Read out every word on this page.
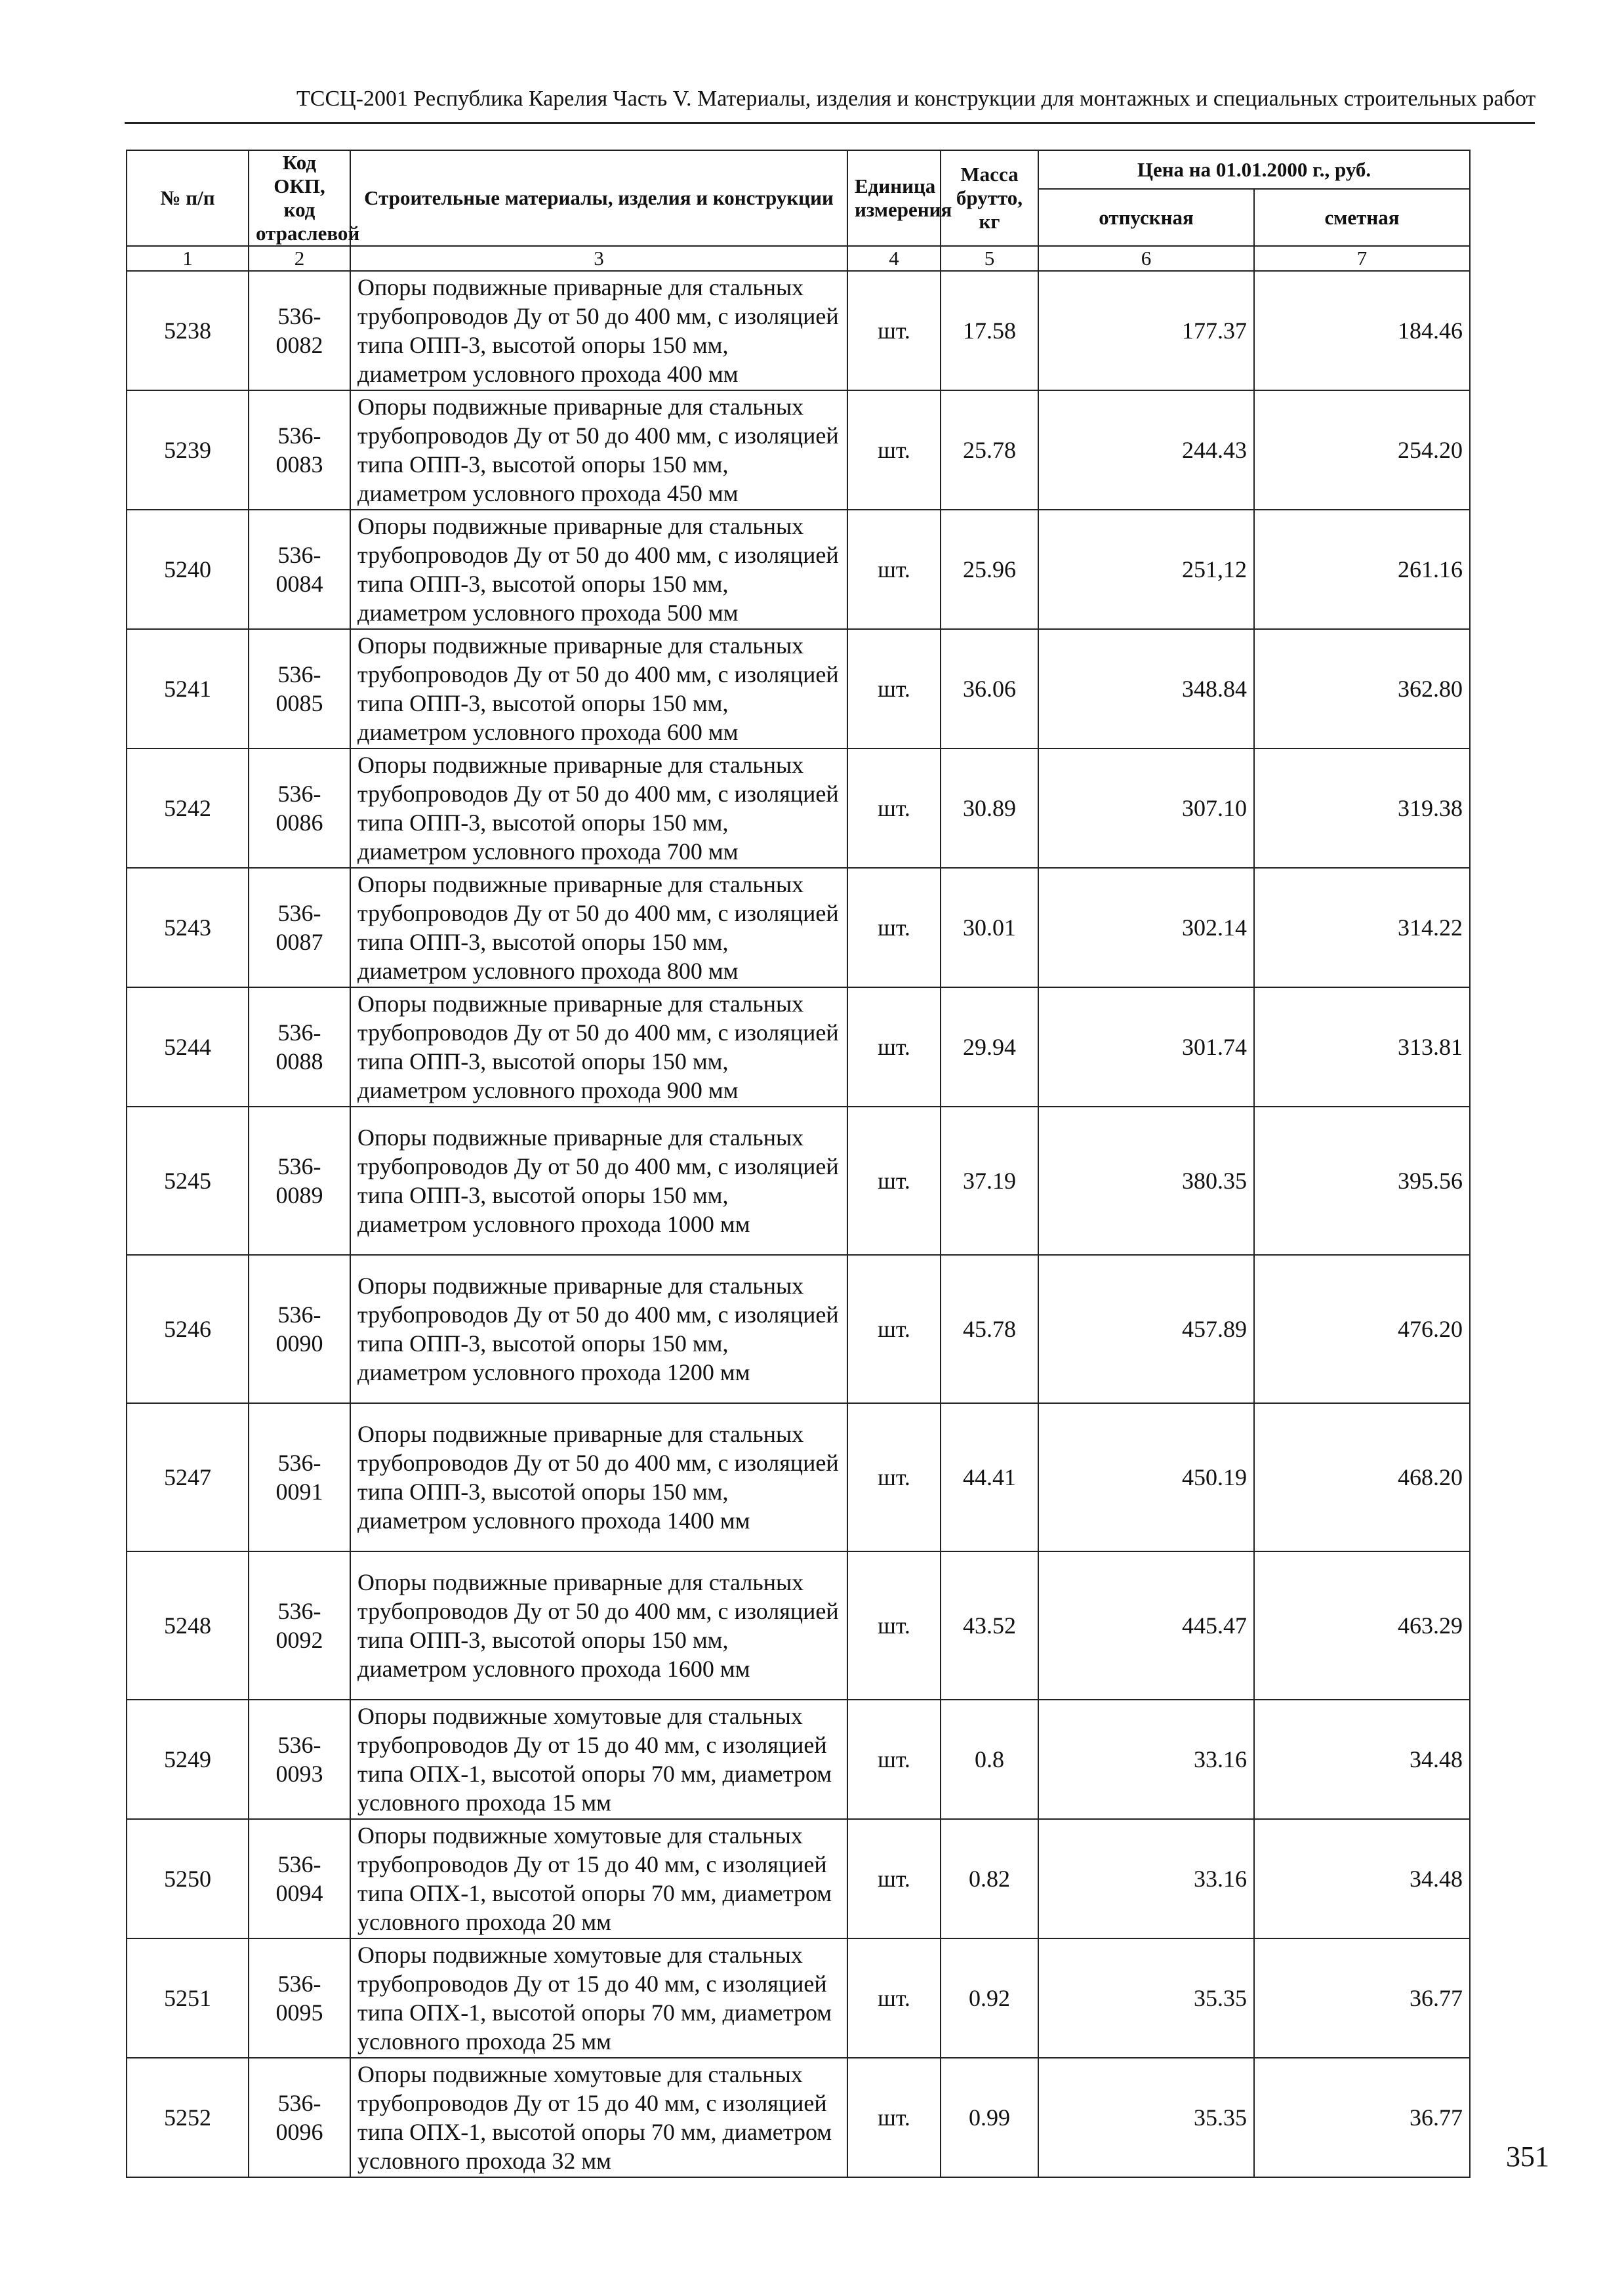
ТССЦ-2001 Республика Карелия Часть V. Материалы, изделия и конструкции для монтажных и специальных строительных работ
№ п/п	Код ОКП, код отраслевой	Строительные материалы, изделия и конструкции	Единица измерения	Масса брутто, кг	Цена на 01.01.2000 г., руб.	
					отпускная	сметная
1	2	3	4	5	6	7
5238	536-0082	Опоры подвижные приварные для стальных трубопроводов Ду от 50 до 400 мм, с изоляцией типа ОПП-3, высотой опоры 150 мм, диаметром условного прохода 400 мм	шт.	17.58	177.37	184.46
5239	536-0083	Опоры подвижные приварные для стальных трубопроводов Ду от 50 до 400 мм, с изоляцией типа ОПП-3, высотой опоры 150 мм, диаметром условного прохода 450 мм	шт.	25.78	244.43	254.20
5240	536-0084	Опоры подвижные приварные для стальных трубопроводов Ду от 50 до 400 мм, с изоляцией типа ОПП-3, высотой опоры 150 мм, диаметром условного прохода 500 мм	шт.	25.96	251,12	261.16
5241	536-0085	Опоры подвижные приварные для стальных трубопроводов Ду от 50 до 400 мм, с изоляцией типа ОПП-3, высотой опоры 150 мм, диаметром условного прохода 600 мм	шт.	36.06	348.84	362.80
5242	536-0086	Опоры подвижные приварные для стальных трубопроводов Ду от 50 до 400 мм, с изоляцией типа ОПП-3, высотой опоры 150 мм, диаметром условного прохода 700 мм	шт.	30.89	307.10	319.38
5243	536-0087	Опоры подвижные приварные для стальных трубопроводов Ду от 50 до 400 мм, с изоляцией типа ОПП-3, высотой опоры 150 мм, диаметром условного прохода 800 мм	шт.	30.01	302.14	314.22
5244	536-0088	Опоры подвижные приварные для стальных трубопроводов Ду от 50 до 400 мм, с изоляцией типа ОПП-3, высотой опоры 150 мм, диаметром условного прохода 900 мм	шт.	29.94	301.74	313.81
5245	536-0089	Опоры подвижные приварные для стальных трубопроводов Ду от 50 до 400 мм, с изоляцией типа ОПП-3, высотой опоры 150 мм, диаметром условного прохода 1000 мм	шт.	37.19	380.35	395.56
5246	536-0090	Опоры подвижные приварные для стальных трубопроводов Ду от 50 до 400 мм, с изоляцией типа ОПП-3, высотой опоры 150 мм, диаметром условного прохода 1200 мм	шт.	45.78	457.89	476.20
5247	536-0091	Опоры подвижные приварные для стальных трубопроводов Ду от 50 до 400 мм, с изоляцией типа ОПП-3, высотой опоры 150 мм, диаметром условного прохода 1400 мм	шт.	44.41	450.19	468.20
5248	536-0092	Опоры подвижные приварные для стальных трубопроводов Ду от 50 до 400 мм, с изоляцией типа ОПП-3, высотой опоры 150 мм, диаметром условного прохода 1600 мм	шт.	43.52	445.47	463.29
5249	536-0093	Опоры подвижные хомутовые для стальных трубопроводов Ду от 15 до 40 мм, с изоляцией типа ОПХ-1, высотой опоры 70 мм, диаметром условного прохода 15 мм	шт.	0.8	33.16	34.48
5250	536-0094	Опоры подвижные хомутовые для стальных трубопроводов Ду от 15 до 40 мм, с изоляцией типа ОПХ-1, высотой опоры 70 мм, диаметром условного прохода 20 мм	шт.	0.82	33.16	34.48
5251	536-0095	Опоры подвижные хомутовые для стальных трубопроводов Ду от 15 до 40 мм, с изоляцией типа ОПХ-1, высотой опоры 70 мм, диаметром условного прохода 25 мм	шт.	0.92	35.35	36.77
5252	536-0096	Опоры подвижные хомутовые для стальных трубопроводов Ду от 15 до 40 мм, с изоляцией типа ОПХ-1, высотой опоры 70 мм, диаметром условного прохода 32 мм	шт.	0.99	35.35	36.77
351
